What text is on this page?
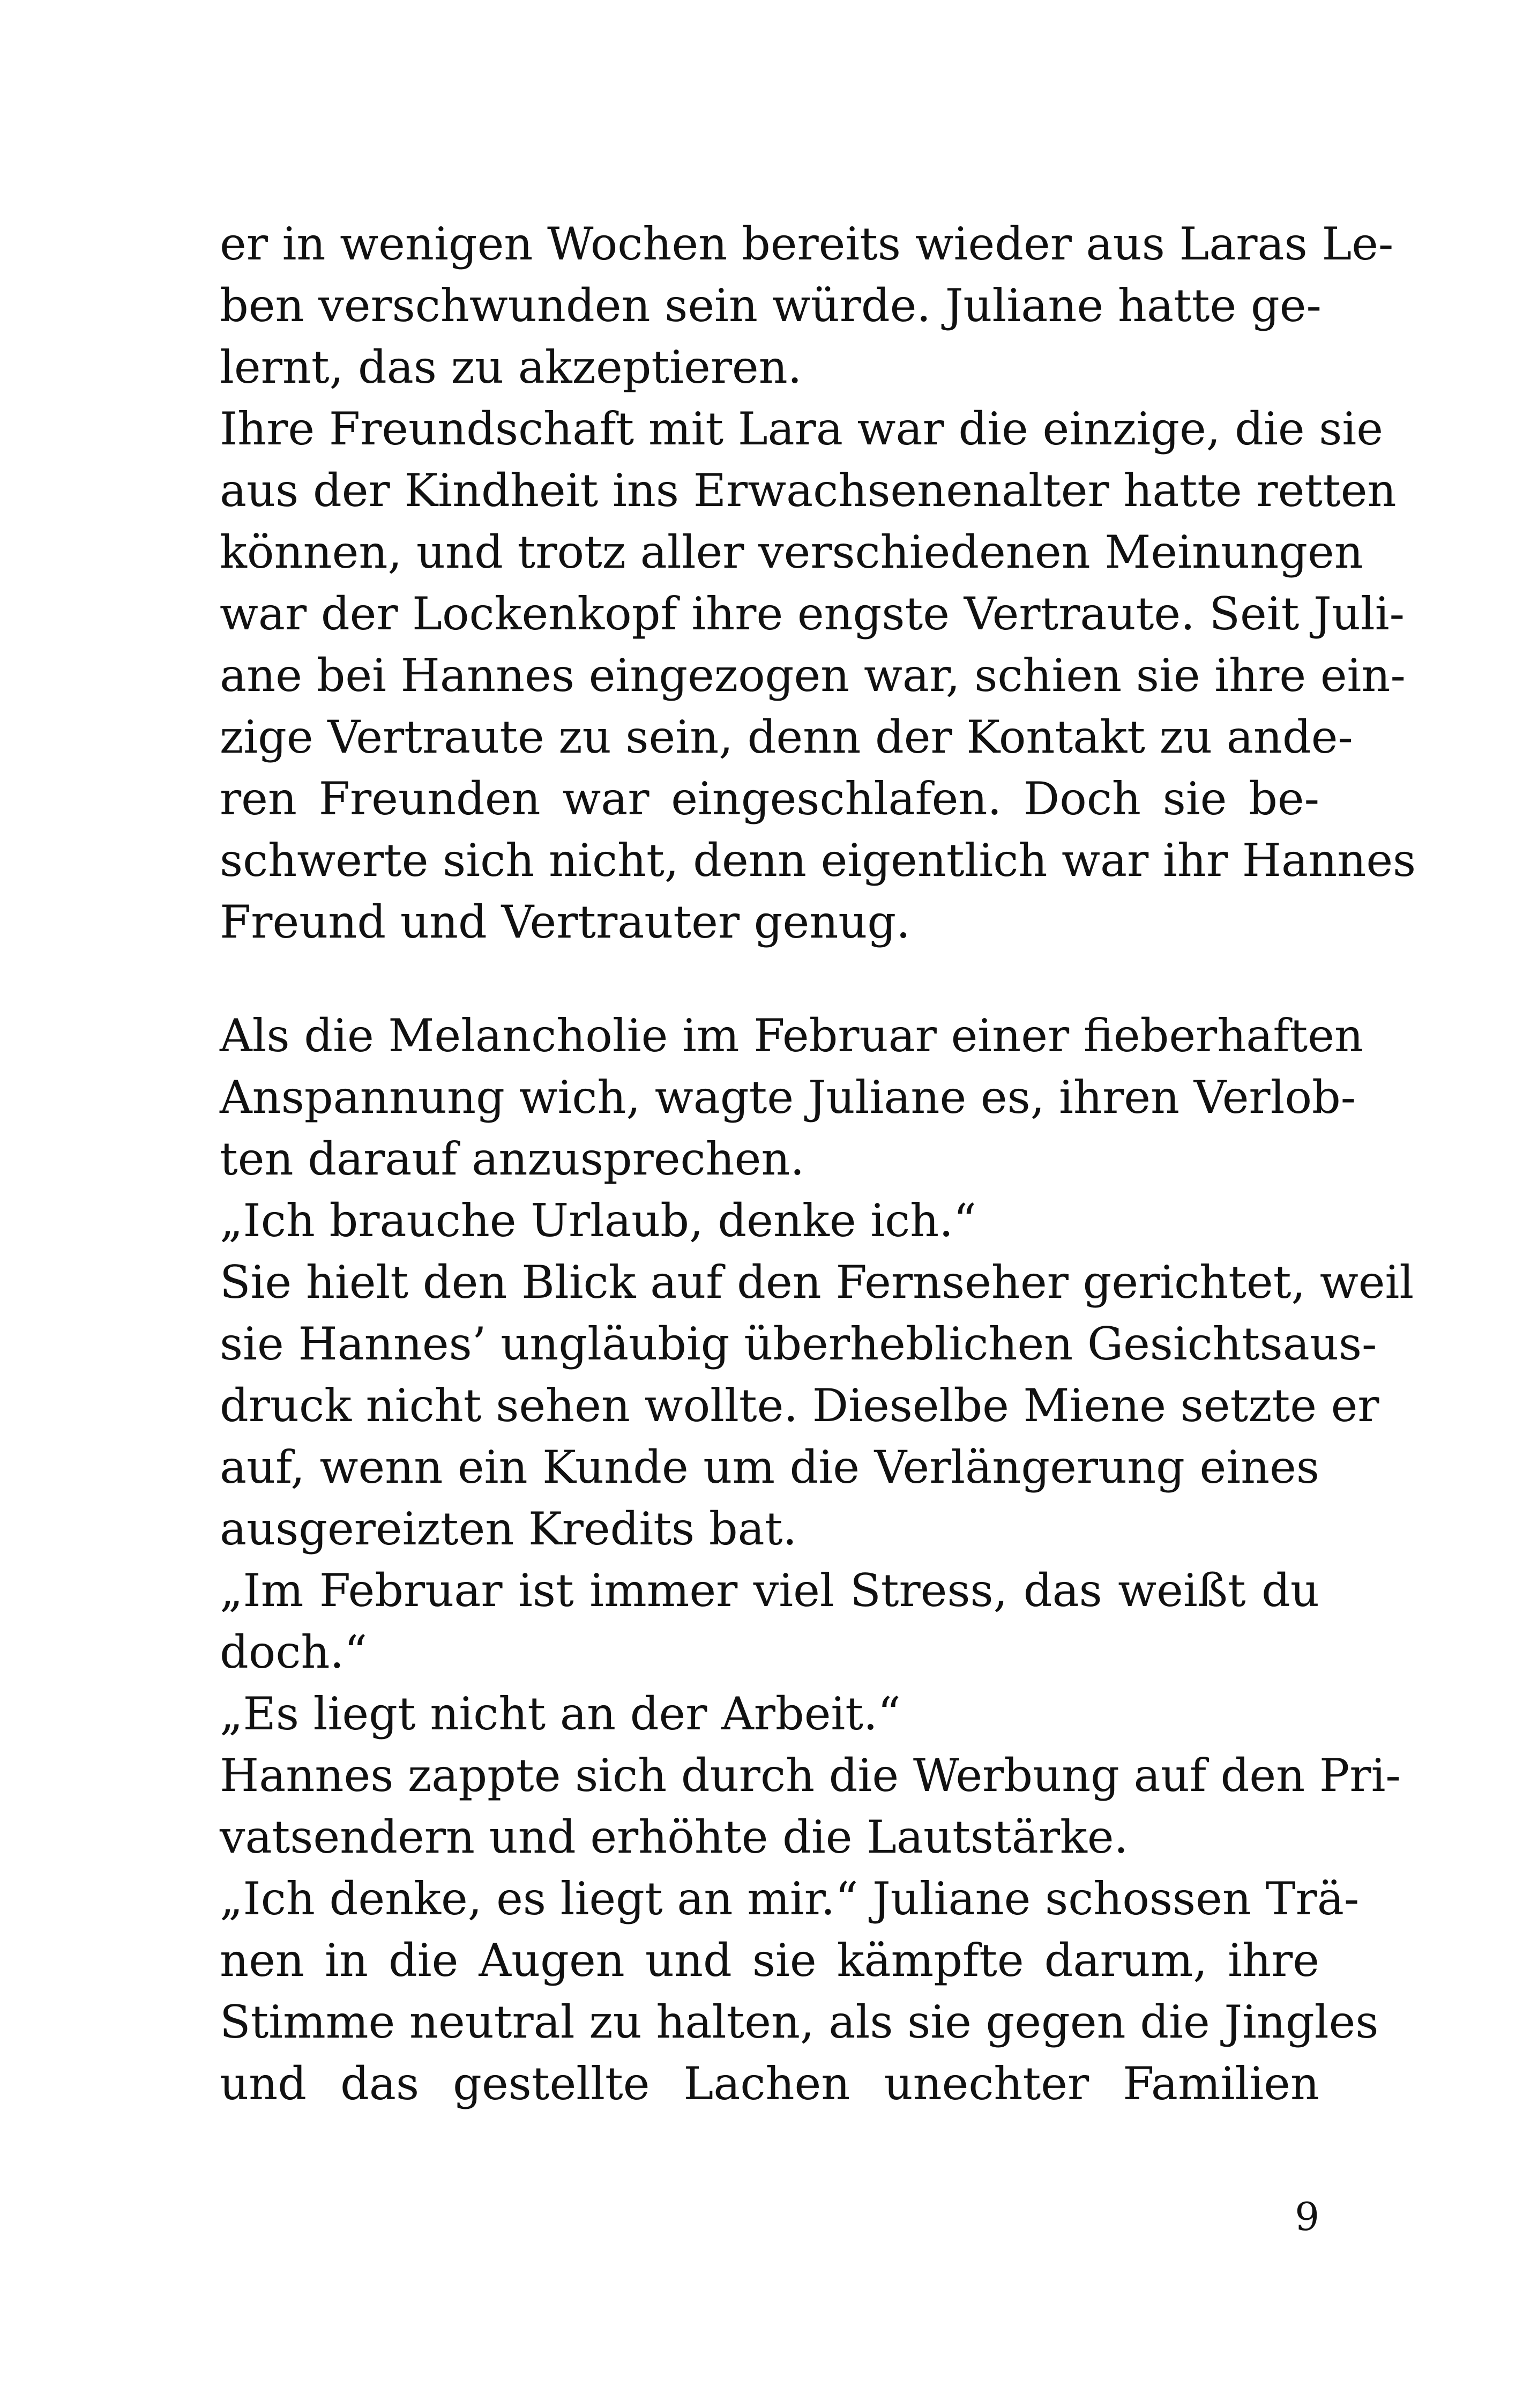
er in wenigen Wochen bereits wieder aus Laras Le-
ben verschwunden sein würde. Juliane hatte ge-
lernt, das zu akzeptieren.
Ihre Freundschaft mit Lara war die einzige, die sie
aus der Kindheit ins Erwachsenenalter hatte retten
können, und trotz aller verschiedenen Meinungen
war der Lockenkopf ihre engste Vertraute. Seit Juli-
ane bei Hannes eingezogen war, schien sie ihre ein-
zige Vertraute zu sein, denn der Kontakt zu ande-
ren Freunden war eingeschlafen. Doch sie be-
schwerte sich nicht, denn eigentlich war ihr Hannes
Freund und Vertrauter genug.
Als die Melancholie im Februar einer fieberhaften
Anspannung wich, wagte Juliane es, ihren Verlob-
ten darauf anzusprechen.
„Ich brauche Urlaub, denke ich.“
Sie hielt den Blick auf den Fernseher gerichtet, weil
sie Hannes’ ungläubig überheblichen Gesichtsaus-
druck nicht sehen wollte. Dieselbe Miene setzte er
auf, wenn ein Kunde um die Verlängerung eines
ausgereizten Kredits bat.
„Im Februar ist immer viel Stress, das weißt du
doch.“
„Es liegt nicht an der Arbeit.“
Hannes zappte sich durch die Werbung auf den Pri-
vatsendern und erhöhte die Lautstärke.
„Ich denke, es liegt an mir.“ Juliane schossen Trä-
nen in die Augen und sie kämpfte darum, ihre
Stimme neutral zu halten, als sie gegen die Jingles
und das gestellte Lachen unechter Familien
9
